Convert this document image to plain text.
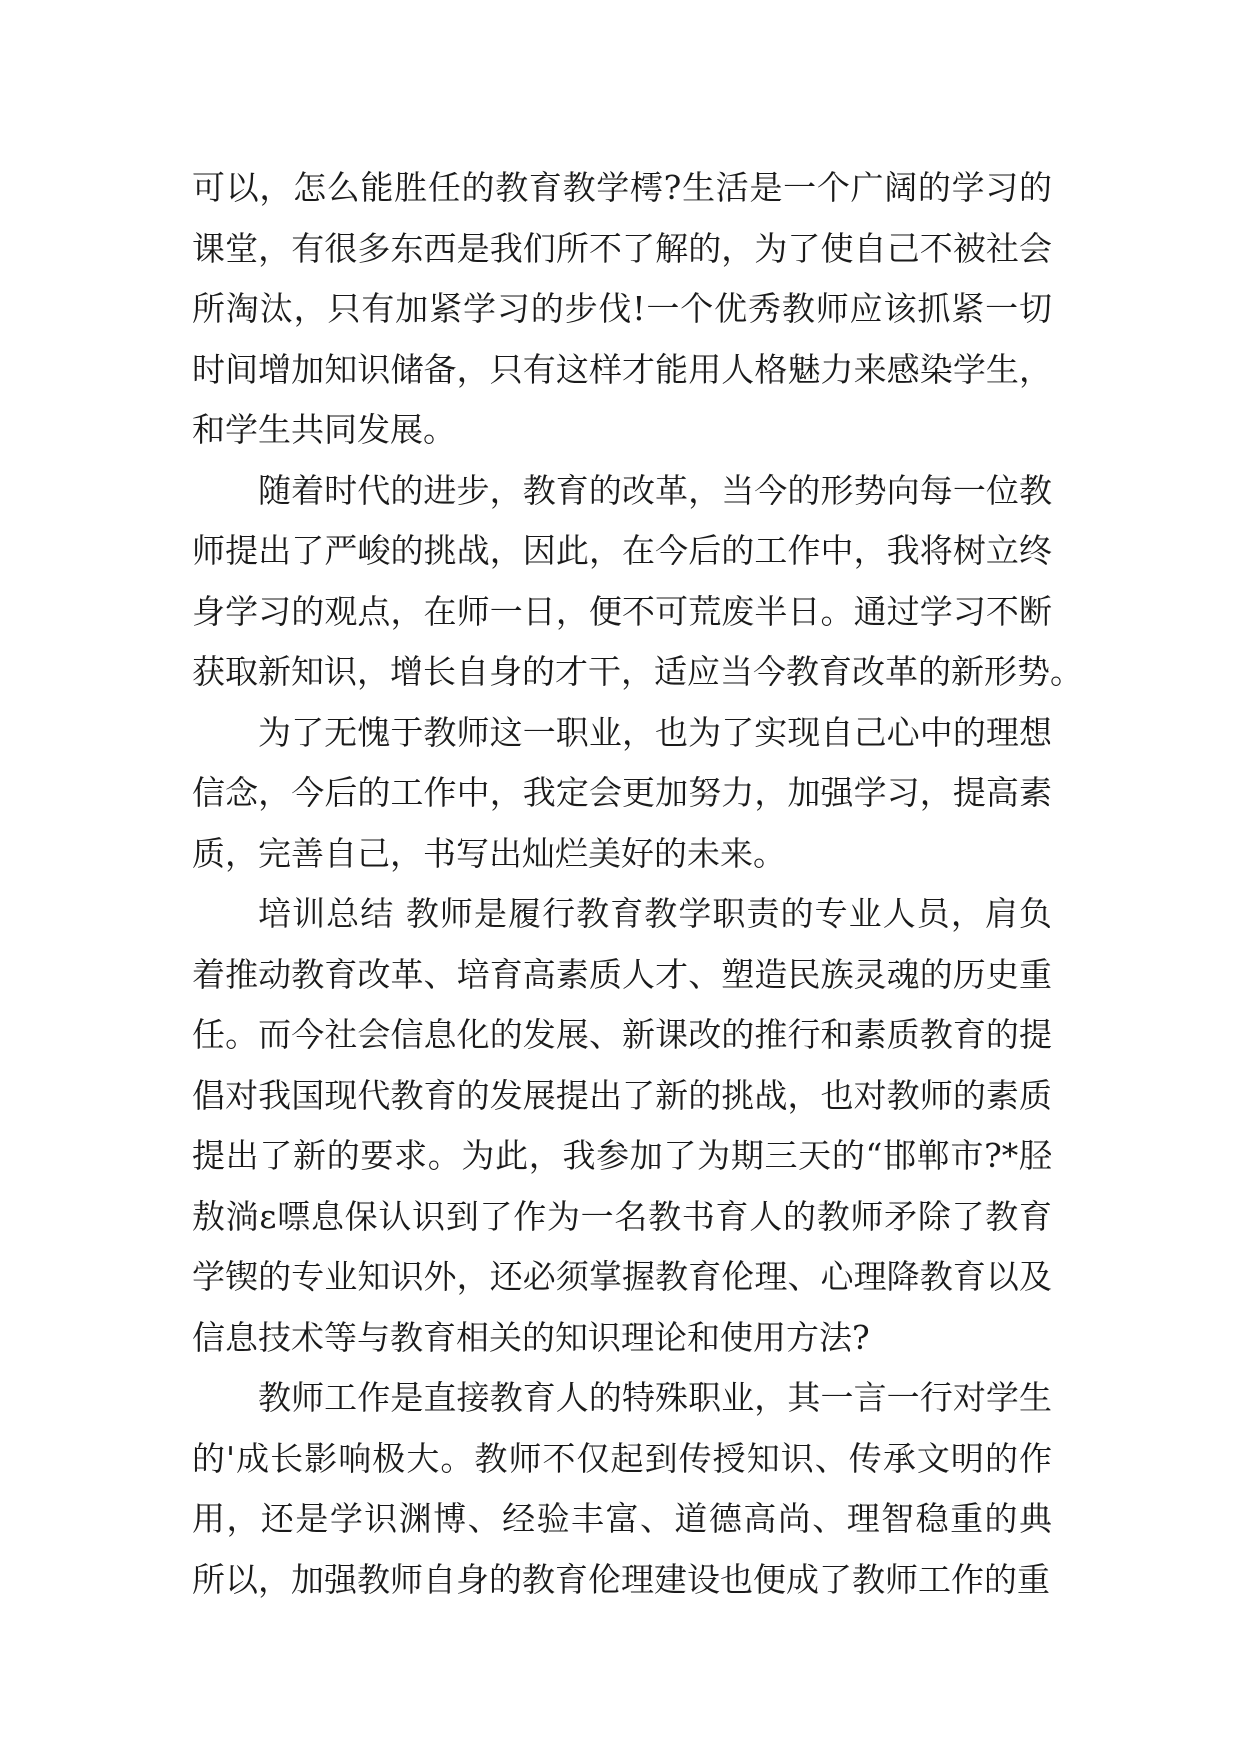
可以，怎么能胜任的教育教学樗?生活是一个广阔的学习的
课堂，有很多东西是我们所不了解的，为了使自己不被社会
所淘汰，只有加紧学习的步伐!一个优秀教师应该抓紧一切
时间增加知识储备，只有这样才能用人格魅力来感染学生，
和学生共同发展。
随着时代的进步，教育的改革，当今的形势向每一位教
师提出了严峻的挑战，因此，在今后的工作中，我将树立终
身学习的观点，在师一日，便不可荒废半日。通过学习不断
获取新知识，增长自身的才干，适应当今教育改革的新形势。
为了无愧于教师这一职业，也为了实现自己心中的理想
信念，今后的工作中，我定会更加努力，加强学习，提高素
质，完善自己，书写出灿烂美好的未来。
培训总结 教师是履行教育教学职责的专业人员，肩负
着推动教育改革、培育高素质人才、塑造民族灵魂的历史重
任。而今社会信息化的发展、新课改的推行和素质教育的提
倡对我国现代教育的发展提出了新的挑战，也对教师的素质
提出了新的要求。为此，我参加了为期三天的“邯郸市?*胫
敖淌ε嘌息保认识到了作为一名教书育人的教师矛除了教育
学锲的专业知识外，还必须掌握教育伦理、心理降教育以及
信息技术等与教育相关的知识理论和使用方法?
教师工作是直接教育人的特殊职业，其一言一行对学生
的'成长影响极大。教师不仅起到传授知识、传承文明的作
用，还是学识渊博、经验丰富、道德高尚、理智稳重的典
所以，加强教师自身的教育伦理建设也便成了教师工作的重
